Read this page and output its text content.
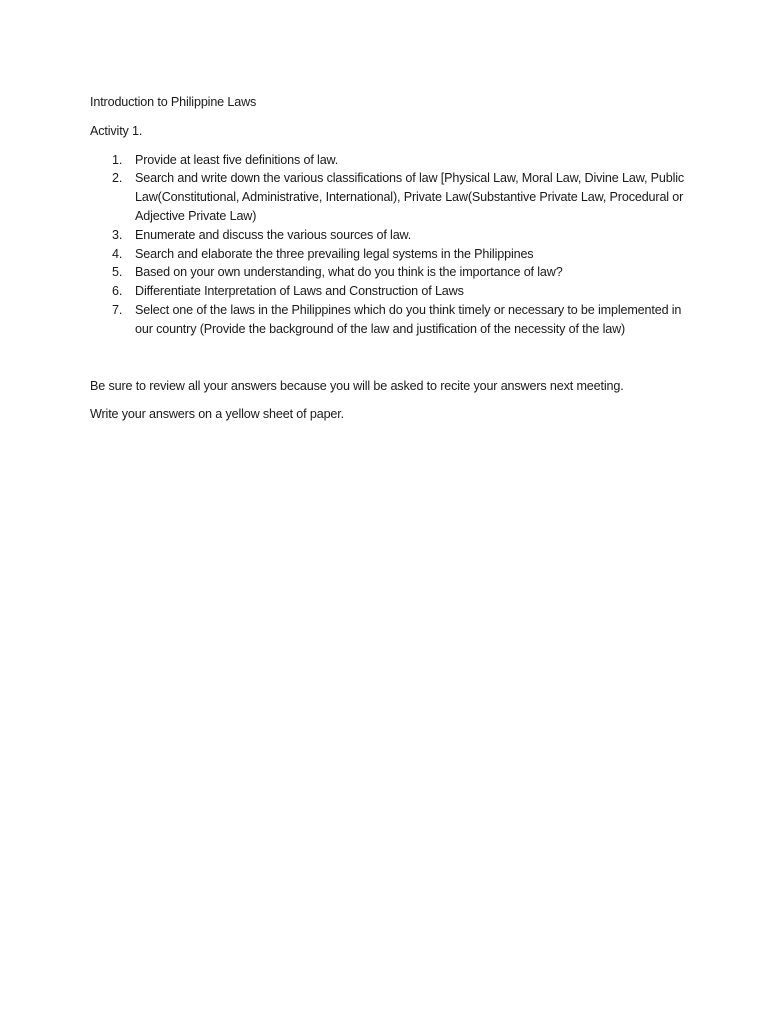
Introduction to Philippine Laws

Activity 1.

1. Provide at least five definitions of law.
2. Search and write down the various classifications of law [Physical Law, Moral Law, Divine Law, Public Law(Constitutional, Administrative, International), Private Law(Substantive Private Law, Procedural or Adjective Private Law)
3. Enumerate and discuss the various sources of law.
4. Search and elaborate the three prevailing legal systems in the Philippines
5. Based on your own understanding, what do you think is the importance of law?
6. Differentiate Interpretation of Laws and Construction of Laws
7. Select one of the laws in the Philippines which do you think timely or necessary to be implemented in our country (Provide the background of the law and justification of the necessity of the law)

Be sure to review all your answers because you will be asked to recite your answers next meeting.

Write your answers on a yellow sheet of paper.
